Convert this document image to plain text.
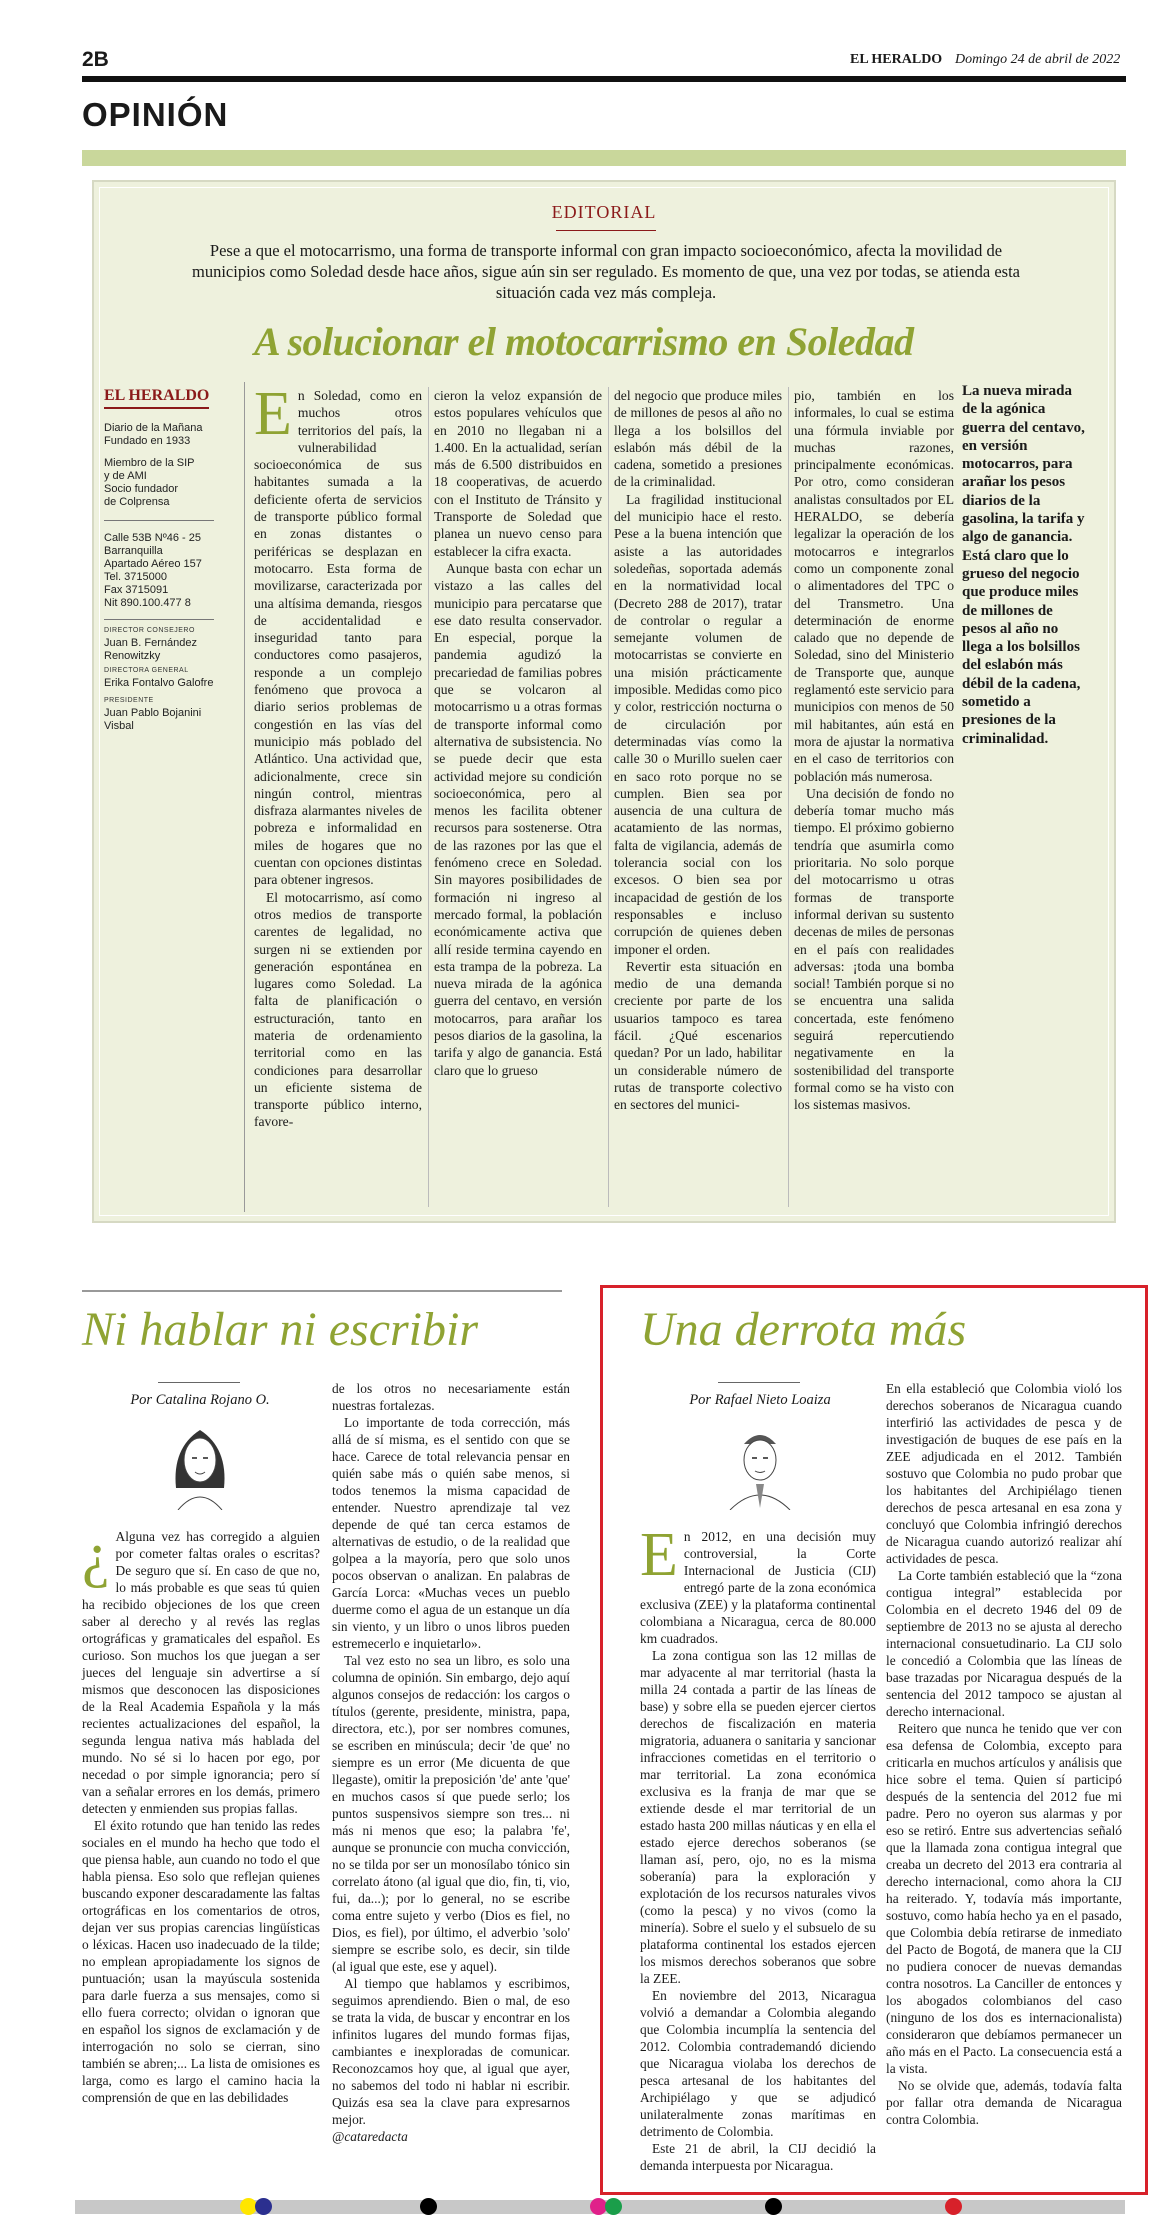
2B	EL HERALDO Domingo 24 de abril de 2022
OPINIÓN
EDITORIAL
Pese a que el motocarrismo, una forma de transporte informal con gran impacto socioeconómico, afecta la movilidad de municipios como Soledad desde hace años, sigue aún sin ser regulado. Es momento de que, una vez por todas, se atienda esta situación cada vez más compleja.
A solucionar el motocarrismo en Soledad
EL HERALDO
Diario de la Mañana
Fundado en 1933
Miembro de la SIP
y de AMI
Socio fundador
de Colprensa
Calle 53B Nº46 - 25
Barranquilla
Apartado Aéreo 157
Tel. 3715000
Fax 3715091
Nit 890.100.477 8
DIRECTOR CONSEJERO
Juan B. Fernández Renowitzky
DIRECTORA GENERAL
Erika Fontalvo Galofre
PRESIDENTE
Juan Pablo Bojanini Visbal

En Soledad, como en muchos otros territorios del país, la vulnerabilidad socioeconómica de sus habitantes sumada a la deficiente oferta de servicios de transporte público formal en zonas distantes o periféricas se desplazan en motocarro. Esta forma de movilizarse, caracterizada por una altísima demanda, riesgos de accidentalidad e inseguridad tanto para conductores como pasajeros, responde a un complejo fenómeno que provoca a diario serios problemas de congestión en las vías del municipio más poblado del Atlántico. Una actividad que, adicionalmente, crece sin ningún control, mientras disfraza alarmantes niveles de pobreza e informalidad en miles de hogares que no cuentan con opciones distintas para obtener ingresos.

El motocarrismo, así como otros medios de transporte carentes de legalidad, no surgen ni se extienden por generación espontánea en lugares como Soledad. La falta de planificación o estructuración, tanto en materia de ordenamiento territorial como en las condiciones para desarrollar un eficiente sistema de transporte público interno, favore-

cieron la veloz expansión de estos populares vehículos que en 2010 no llegaban ni a 1.400. En la actualidad, serían más de 6.500 distribuidos en 18 cooperativas, de acuerdo con el Instituto de Tránsito y Transporte de Soledad que planea un nuevo censo para establecer la cifra exacta.

Aunque basta con echar un vistazo a las calles del municipio para percatarse que ese dato resulta conservador. En especial, porque la pandemia agudizó la precariedad de familias pobres que se volcaron al motocarrismo u a otras formas de transporte informal como alternativa de subsistencia. No se puede decir que esta actividad mejore su condición socioeconómica, pero al menos les facilita obtener recursos para sostenerse. Otra de las razones por las que el fenómeno crece en Soledad. Sin mayores posibilidades de formación ni ingreso al mercado formal, la población económicamente activa que allí reside termina cayendo en esta trampa de la pobreza. La nueva mirada de la agónica guerra del centavo, en versión motocarros, para arañar los pesos diarios de la gasolina, la tarifa y algo de ganancia. Está claro que lo grueso

del negocio que produce miles de millones de pesos al año no llega a los bolsillos del eslabón más débil de la cadena, sometido a presiones de la criminalidad.

La fragilidad institucional del municipio hace el resto. Pese a la buena intención que asiste a las autoridades soledeñas, soportada además en la normatividad local (Decreto 288 de 2017), tratar de controlar o regular a semejante volumen de motocarristas se convierte en una misión prácticamente imposible. Medidas como pico y color, restricción nocturna o de circulación por determinadas vías como la calle 30 o Murillo suelen caer en saco roto porque no se cumplen. Bien sea por ausencia de una cultura de acatamiento de las normas, falta de vigilancia, además de tolerancia social con los excesos. O bien sea por incapacidad de gestión de los responsables e incluso corrupción de quienes deben imponer el orden.

Revertir esta situación en medio de una demanda creciente por parte de los usuarios tampoco es tarea fácil. ¿Qué escenarios quedan? Por un lado, habilitar un considerable número de rutas de transporte colectivo en sectores del munici-

pio, también en los informales, lo cual se estima una fórmula inviable por muchas razones, principalmente económicas. Por otro, como consideran analistas consultados por EL HERALDO, se debería legalizar la operación de los motocarros e integrarlos como un componente zonal o alimentadores del TPC o del Transmetro. Una determinación de enorme calado que no depende de Soledad, sino del Ministerio de Transporte que, aunque reglamentó este servicio para municipios con menos de 50 mil habitantes, aún está en mora de ajustar la normativa en el caso de territorios con población más numerosa.

Una decisión de fondo no debería tomar mucho más tiempo. El próximo gobierno tendría que asumirla como prioritaria. No solo porque del motocarrismo u otras formas de transporte informal derivan su sustento decenas de miles de personas en el país con realidades adversas: ¡toda una bomba social! También porque si no se encuentra una salida concertada, este fenómeno seguirá repercutiendo negativamente en la sostenibilidad del transporte formal como se ha visto con los sistemas masivos.

La nueva mirada de la agónica guerra del centavo, en versión motocarros, para arañar los pesos diarios de la gasolina, la tarifa y algo de ganancia. Está claro que lo grueso del negocio que produce miles de millones de pesos al año no llega a los bolsillos del eslabón más débil de la cadena, sometido a presiones de la criminalidad.
Ni hablar ni escribir
Por Catalina Rojano O.

¿ Alguna vez has corregido a alguien por cometer faltas orales o escritas? De seguro que sí. En caso de que no, lo más probable es que seas tú quien ha recibido objeciones de los que creen saber al derecho y al revés las reglas ortográficas y gramaticales del español. Es curioso. Son muchos los que juegan a ser jueces del lenguaje sin advertirse a sí mismos que desconocen las disposiciones de la Real Academia Española y la más recientes actualizaciones del español, la segunda lengua nativa más hablada del mundo. No sé si lo hacen por ego, por necedad o por simple ignorancia; pero sí van a señalar errores en los demás, primero detecten y enmienden sus propias fallas.

El éxito rotundo que han tenido las redes sociales en el mundo ha hecho que todo el que piensa hable, aun cuando no todo el que habla piensa. Eso solo que reflejan quienes buscando exponer descaradamente las faltas ortográficas en los comentarios de otros, dejan ver sus propias carencias lingüísticas o léxicas. Hacen uso inadecuado de la tilde; no emplean apropiadamente los signos de puntuación; usan la mayúscula sostenida para darle fuerza a sus mensajes, como si ello fuera correcto; olvidan o ignoran que en español los signos de exclamación y de interrogación no solo se cierran, sino también se abren;... La lista de omisiones es larga, como es largo el camino hacia la comprensión de que en las debilidades

de los otros no necesariamente están nuestras fortalezas.

Lo importante de toda corrección, más allá de sí misma, es el sentido con que se hace. Carece de total relevancia pensar en quién sabe más o quién sabe menos, si todos tenemos la misma capacidad de entender. Nuestro aprendizaje tal vez depende de qué tan cerca estamos de alternativas de estudio, o de la realidad que golpea a la mayoría, pero que solo unos pocos observan o analizan. En palabras de García Lorca: «Muchas veces un pueblo duerme como el agua de un estanque un día sin viento, y un libro o unos libros pueden estremecerlo e inquietarlo».

Tal vez esto no sea un libro, es solo una columna de opinión. Sin embargo, dejo aquí algunos consejos de redacción: los cargos o títulos (gerente, presidente, ministra, papa, directora, etc.), por ser nombres comunes, se escriben en minúscula; decir 'de que' no siempre es un error (Me dicuenta de que llegaste), omitir la preposición 'de' ante 'que' en muchos casos sí que puede serlo; los puntos suspensivos siempre son tres... ni más ni menos que eso; la palabra 'fe', aunque se pronuncie con mucha convicción, no se tilda por ser un monosílabo tónico sin correlato átono (al igual que dio, fin, ti, vio, fui, da...); por lo general, no se escribe coma entre sujeto y verbo (Dios es fiel, no Dios, es fiel), por último, el adverbio 'solo' siempre se escribe solo, es decir, sin tilde (al igual que este, ese y aquel).

Al tiempo que hablamos y escribimos, seguimos aprendiendo. Bien o mal, de eso se trata la vida, de buscar y encontrar en los infinitos lugares del mundo formas fijas, cambiantes e inexploradas de comunicar. Reconozcamos hoy que, al igual que ayer, no sabemos del todo ni hablar ni escribir. Quizás esa sea la clave para expresarnos mejor.

@cataredacta

Una derrota más
Por Rafael Nieto Loaiza

En 2012, en una decisión muy controversial, la Corte Internacional de Justicia (CIJ) entregó parte de la zona económica exclusiva (ZEE) y la plataforma continental colombiana a Nicaragua, cerca de 80.000 km cuadrados.

La zona contigua son las 12 millas de mar adyacente al mar territorial (hasta la milla 24 contada a partir de las líneas de base) y sobre ella se pueden ejercer ciertos derechos de fiscalización en materia migratoria, aduanera o sanitaria y sancionar infracciones cometidas en el territorio o mar territorial. La zona económica exclusiva es la franja de mar que se extiende desde el mar territorial de un estado hasta 200 millas náuticas y en ella el estado ejerce derechos soberanos (se llaman así, pero, ojo, no es la misma soberanía) para la exploración y explotación de los recursos naturales vivos (como la pesca) y no vivos (como la minería). Sobre el suelo y el subsuelo de su plataforma continental los estados ejercen los mismos derechos soberanos que sobre la ZEE.

En noviembre del 2013, Nicaragua volvió a demandar a Colombia alegando que Colombia incumplía la sentencia del 2012. Colombia contrademandó diciendo que Nicaragua violaba los derechos de pesca artesanal de los habitantes del Archipiélago y que se adjudicó unilateralmente zonas marítimas en detrimento de Colombia.

Este 21 de abril, la CIJ decidió la demanda interpuesta por Nicaragua.

En ella estableció que Colombia violó los derechos soberanos de Nicaragua cuando interfirió las actividades de pesca y de investigación de buques de ese país en la ZEE adjudicada en el 2012. También sostuvo que Colombia no pudo probar que los habitantes del Archipiélago tienen derechos de pesca artesanal en esa zona y concluyó que Colombia infringió derechos de Nicaragua cuando autorizó realizar ahí actividades de pesca.

La Corte también estableció que la “zona contigua integral” establecida por Colombia en el decreto 1946 del 09 de septiembre de 2013 no se ajusta al derecho internacional consuetudinario. La CIJ solo le concedió a Colombia que las líneas de base trazadas por Nicaragua después de la sentencia del 2012 tampoco se ajustan al derecho internacional.

Reitero que nunca he tenido que ver con esa defensa de Colombia, excepto para criticarla en muchos artículos y análisis que hice sobre el tema. Quien sí participó después de la sentencia del 2012 fue mi padre. Pero no oyeron sus alarmas y por eso se retiró. Entre sus advertencias señaló que la llamada zona contigua integral que creaba un decreto del 2013 era contraria al derecho internacional, como ahora la CIJ ha reiterado. Y, todavía más importante, sostuvo, como había hecho ya en el pasado, que Colombia debía retirarse de inmediato del Pacto de Bogotá, de manera que la CIJ no pudiera conocer de nuevas demandas contra nosotros. La Canciller de entonces y los abogados colombianos del caso (ninguno de los dos es internacionalista) consideraron que debíamos permanecer un año más en el Pacto. La consecuencia está a la vista.

No se olvide que, además, todavía falta por fallar otra demanda de Nicaragua contra Colombia.
